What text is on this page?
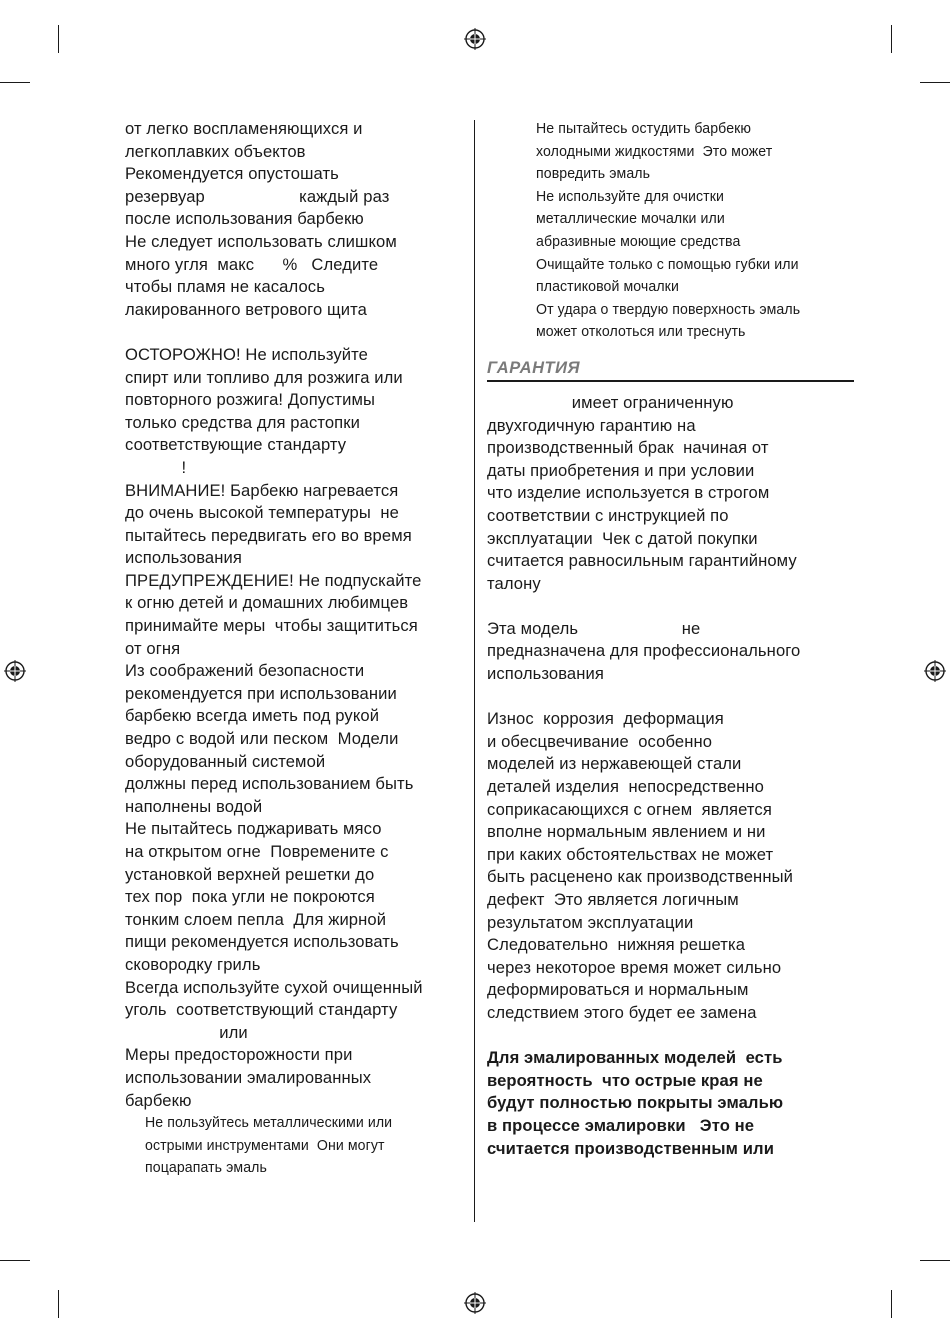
от легко воспламеняющихся и
легкоплавких объектов
Рекомендуется опустошать
резервуар                    каждый раз
после использования барбекю
Не следует использовать слишком
много угля  макс      %   Следите
чтобы пламя не касалось
лакированного ветрового щита
ОСТОРОЖНО! Не используйте
спирт или топливо для розжига или
повторного розжига! Допустимы
только средства для растопки
соответствующие стандарту
!
ВНИМАНИЕ! Барбекю нагревается
до очень высокой температуры  не
пытайтесь передвигать его во время
использования
ПРЕДУПРЕЖДЕНИЕ! Не подпускайте
к огню детей и домашних любимцев
принимайте меры  чтобы защититься
от огня
Из соображений безопасности
рекомендуется при использовании
барбекю всегда иметь под рукой
ведро с водой или песком  Модели
оборудованный системой
должны перед использованием быть
наполнены водой
Не пытайтесь поджаривать мясо
на открытом огне  Повремените с
установкой верхней решетки до
тех пор  пока угли не покроются
тонким слоем пепла  Для жирной
пищи рекомендуется использовать
сковородку гриль
Всегда используйте сухой очищенный
уголь  соответствующий стандарту
или
Меры предосторожности при
использовании эмалированных
барбекю
Не пользуйтесь металлическими или
острыми инструментами  Они могут
поцарапать эмаль
Не пытайтесь остудить барбекю
холодными жидкостями  Это может
повредить эмаль
Не используйте для очистки
металлические мочалки или
абразивные моющие средства
Очищайте только с помощью губки или
пластиковой мочалки
От удара о твердую поверхность эмаль
может отколоться или треснуть
ГАРАНТИЯ
имеет ограниченную
двухгодичную гарантию на
производственный брак  начиная от
даты приобретения и при условии
что изделие используется в строгом
соответствии с инструкцией по
эксплуатации  Чек с датой покупки
считается равносильным гарантийному
талону
Эта модель                      не
предназначена для профессионального
использования
Износ  коррозия  деформация
и обесцвечивание  особенно
моделей из нержавеющей стали
деталей изделия  непосредственно
соприкасающихся с огнем  является
вполне нормальным явлением и ни
при каких обстоятельствах не может
быть расценено как производственный
дефект  Это является логичным
результатом эксплуатации
Следовательно  нижняя решетка
через некоторое время может сильно
деформироваться и нормальным
следствием этого будет ее замена
Для эмалированных моделей  есть
вероятность  что острые края не
будут полностью покрыты эмалью
в процессе эмалировки   Это не
считается производственным или
